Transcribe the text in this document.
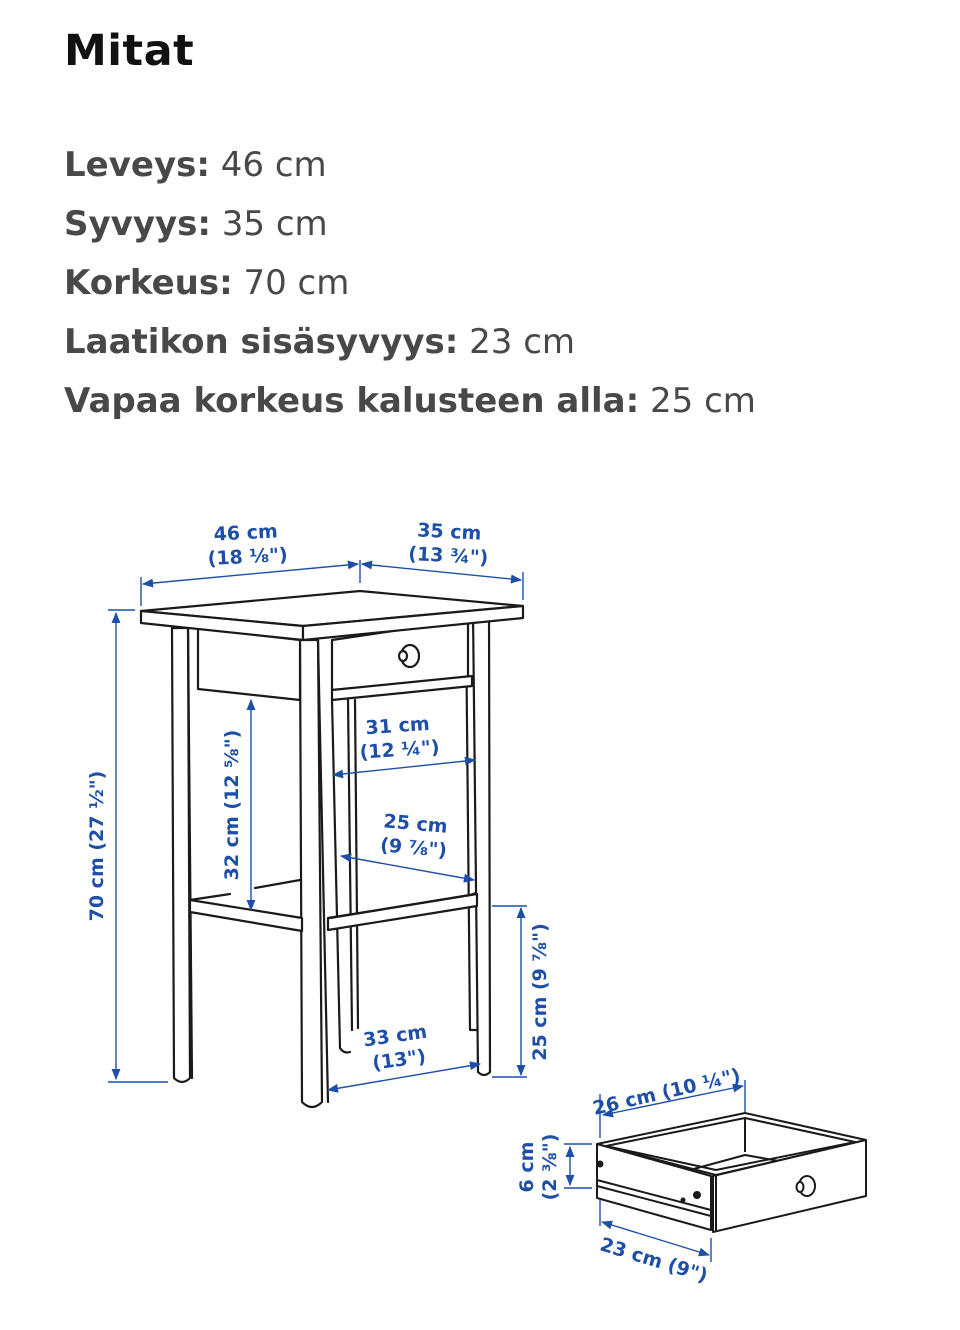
Mitat
Leveys: 46 cm
Syvyys: 35 cm
Korkeus: 70 cm
Laatikon sisäsyvyys: 23 cm
Vapaa korkeus kalusteen alla: 25 cm
46 cm
(18 ⅛")
35 cm
(13 ¾")
70 cm (27 ½")	32 cm (12 ⅝")
31 cm
(12 ¼")
25 cm
(9 ⅞")
33 cm
(13")	25 cm (9 ⅞")
26 cm (10 ¼")
6 cm (2 ⅜")
23 cm (9")
